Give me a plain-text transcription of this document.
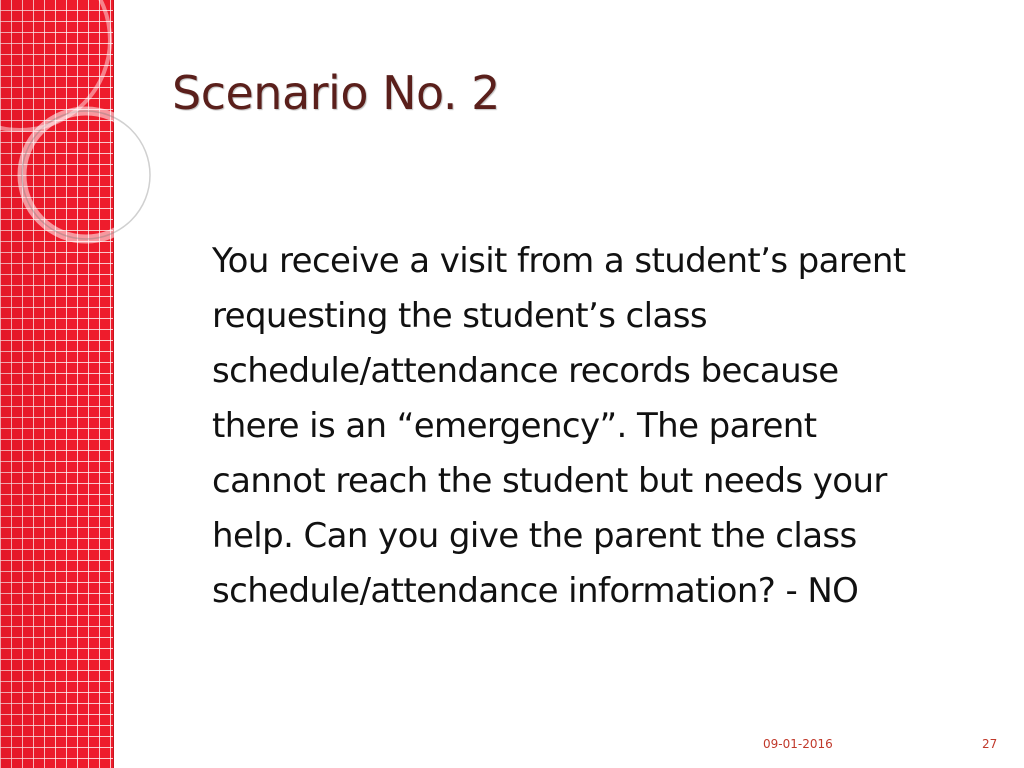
Scenario No. 2

You receive a visit from a student’s parent
requesting the student’s class
schedule/attendance records because
there is an “emergency”. The parent
cannot reach the student but needs your
help. Can you give the parent the class
schedule/attendance information? - NO

09-01-2016	27
